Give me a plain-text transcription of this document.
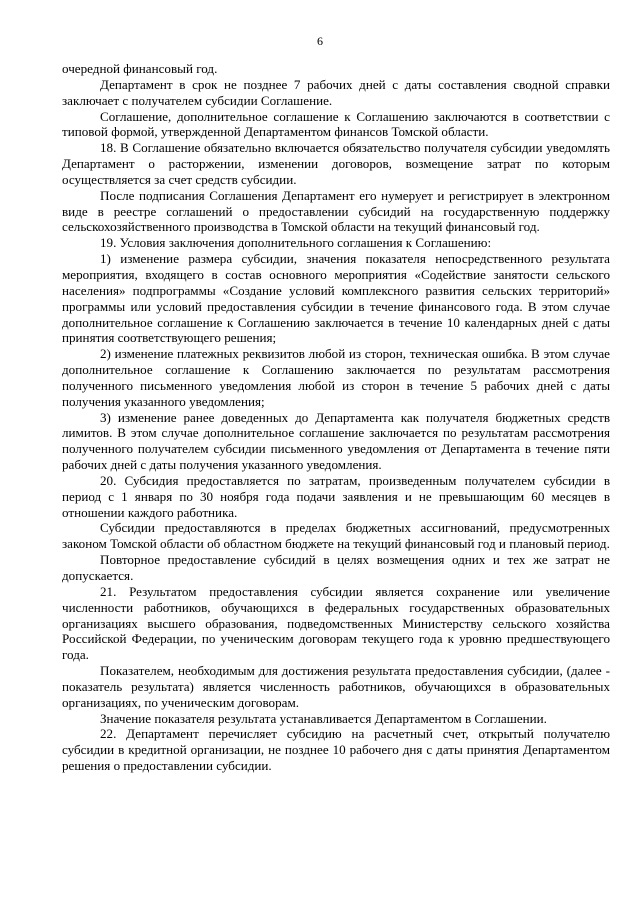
6

очередной финансовый год.

Департамент в срок не позднее 7 рабочих дней с даты составления сводной справки заключает с получателем субсидии Соглашение.

Соглашение, дополнительное соглашение к Соглашению заключаются в соответствии с типовой формой, утвержденной Департаментом финансов Томской области.

18. В Соглашение обязательно включается обязательство получателя субсидии уведомлять Департамент о расторжении, изменении договоров, возмещение затрат по которым осуществляется за счет средств субсидии.

После подписания Соглашения Департамент его нумерует и регистрирует в электронном виде в реестре соглашений о предоставлении субсидий на государственную поддержку сельскохозяйственного производства в Томской области на текущий финансовый год.

19. Условия заключения дополнительного соглашения к Соглашению:

1) изменение размера субсидии, значения показателя непосредственного результата мероприятия, входящего в состав основного мероприятия «Содействие занятости сельского населения» подпрограммы «Создание условий комплексного развития сельских территорий» программы или условий предоставления субсидии в течение финансового года. В этом случае дополнительное соглашение к Соглашению заключается в течение 10 календарных дней с даты принятия соответствующего решения;

2) изменение платежных реквизитов любой из сторон, техническая ошибка. В этом случае дополнительное соглашение к Соглашению заключается по результатам рассмотрения полученного письменного уведомления любой из сторон в течение 5 рабочих дней с даты получения указанного уведомления;

3) изменение ранее доведенных до Департамента как получателя бюджетных средств лимитов. В этом случае дополнительное соглашение заключается по результатам рассмотрения полученного получателем субсидии письменного уведомления от Департамента в течение пяти рабочих дней с даты получения указанного уведомления.

20. Субсидия предоставляется по затратам, произведенным получателем субсидии в период с 1 января по 30 ноября года подачи заявления и не превышающим 60 месяцев в отношении каждого работника.

Субсидии предоставляются в пределах бюджетных ассигнований, предусмотренных законом Томской области об областном бюджете на текущий финансовый год и плановый период.

Повторное предоставление субсидий в целях возмещения одних и тех же затрат не допускается.

21. Результатом предоставления субсидии является сохранение или увеличение численности работников, обучающихся в федеральных государственных образовательных организациях высшего образования, подведомственных Министерству сельского хозяйства Российской Федерации, по ученическим договорам текущего года к уровню предшествующего года.

Показателем, необходимым для достижения результата предоставления субсидии, (далее - показатель результата) является численность работников, обучающихся в образовательных организациях, по ученическим договорам.

Значение показателя результата устанавливается Департаментом в Соглашении.

22. Департамент перечисляет субсидию на расчетный счет, открытый получателю субсидии в кредитной организации, не позднее 10 рабочего дня с даты принятия Департаментом решения о предоставлении субсидии.
